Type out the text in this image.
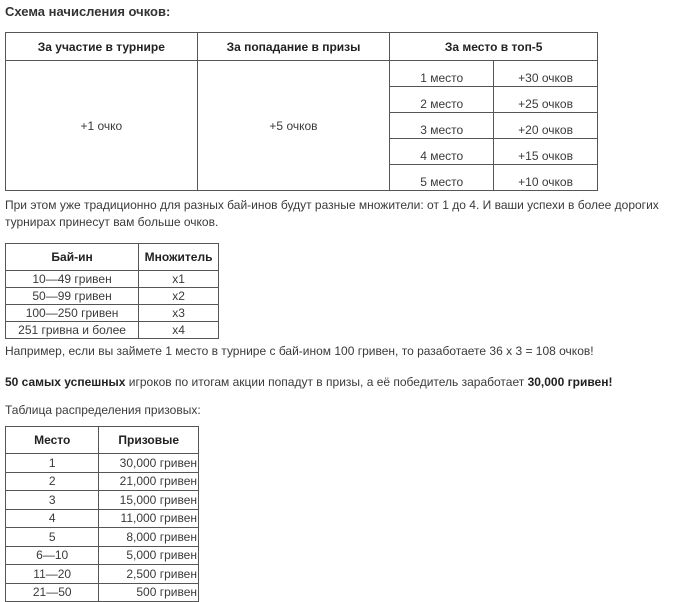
Схема начисления очков:
За участие в турнире	За попадание в призы	За место в топ-5	
+1 очко	+5 очков	1 место	+30 очков
		2 место	+25 очков
		3 место	+20 очков
		4 место	+15 очков
		5 место	+10 очков
При этом уже традиционно для разных бай-инов будут разные множители: от 1 до 4. И ваши успехи в более дорогих турнирах принесут вам больше очков.
Бай-ин	Множитель
10—49 гривен	x1
50—99 гривен	x2
100—250 гривен	x3
251 гривна и более	x4
Например, если вы займете 1 место в турнире с бай-ином 100 гривен, то разаботаете 36 x 3 = 108 очков!
50 самых успешных игроков по итогам акции попадут в призы, а её победитель заработает 30,000 гривен!
Таблица распределения призовых:
Место	Призовые
1	30,000 гривен
2	21,000 гривен
3	15,000 гривен
4	11,000 гривен
5	8,000 гривен
6—10	5,000 гривен
11—20	2,500 гривен
21—50	500 гривен
